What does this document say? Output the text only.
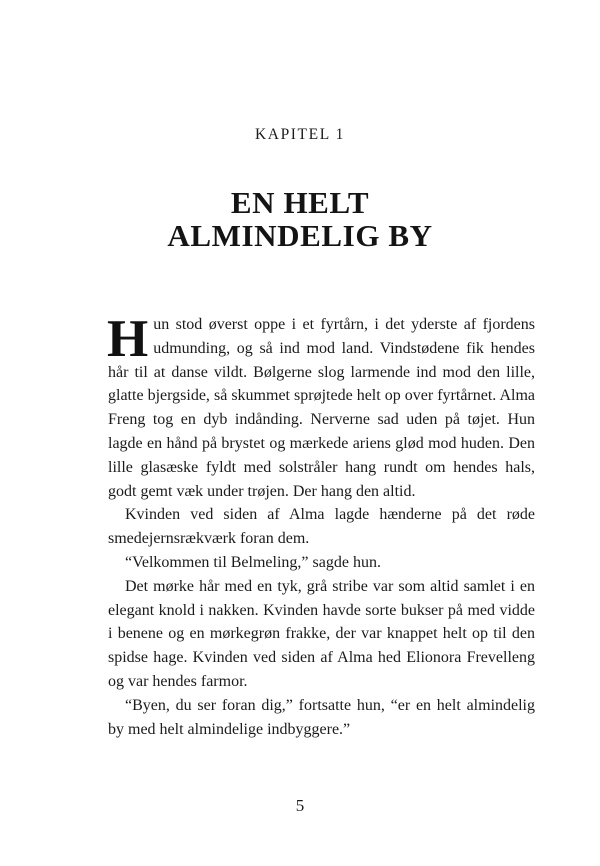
KAPITEL 1
EN HELT
ALMINDELIG BY

Hun stod øverst oppe i et fyrtårn, i det yderste af fjordens udmunding, og så ind mod land. Vindstødene fik hendes hår til at danse vildt. Bølgerne slog larmende ind mod den lille, glatte bjergside, så skummet sprøjtede helt op over fyrtårnet. Alma Freng tog en dyb indånding. Nerverne sad uden på tøjet. Hun lagde en hånd på brystet og mærkede ariens glød mod huden. Den lille glasæske fyldt med solstråler hang rundt om hendes hals, godt gemt væk under trøjen. Der hang den altid.

Kvinden ved siden af Alma lagde hænderne på det røde smedejernsrækværk foran dem.

“Velkommen til Belmeling,” sagde hun.

Det mørke hår med en tyk, grå stribe var som altid samlet i en elegant knold i nakken. Kvinden havde sorte bukser på med vidde i benene og en mørkegrøn frakke, der var knappet helt op til den spidse hage. Kvinden ved siden af Alma hed Elionora Frevelleng og var hendes farmor.

“Byen, du ser foran dig,” fortsatte hun, “er en helt almindelig by med helt almindelige indbyggere.”

5
